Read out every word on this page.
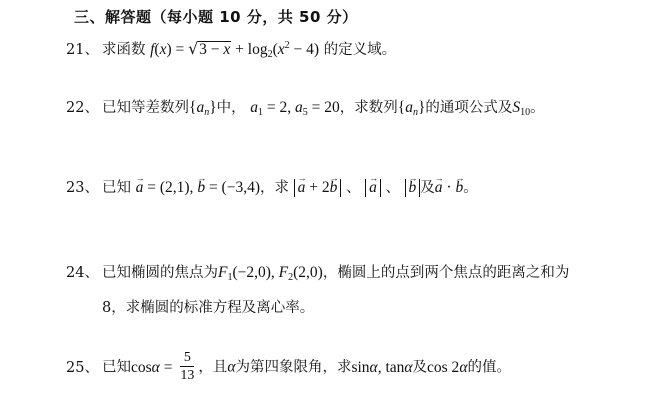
三、解答题（每小题 10 分，共 50 分）
21、 求函数 f(x) = √ $3 - x + \log_2(x^2 - 4)$ 的定义域。
22、 已知等差数列$\{a_n\}$中， $a_1 = 2$, $a_5 = 20$，求数列$\{a_n\}$的通项公式及$S_{10}$。
23、 已知 → a = (2,1), → b = (−3,4)，求 → a + 2→ b 、 → a 、 → b 及→ a · → b。
24、 已知椭圆的焦点为$F_1(-2,0)$, $F_2(2,0)$，椭圆上的点到两个焦点的距离之和为
8，求椭圆的标准方程及离心率。
25、 已知$\cos\alpha = \frac{5}{13}$ ，且α为第四象限角，求sinα, tanα及cos 2α的值。
